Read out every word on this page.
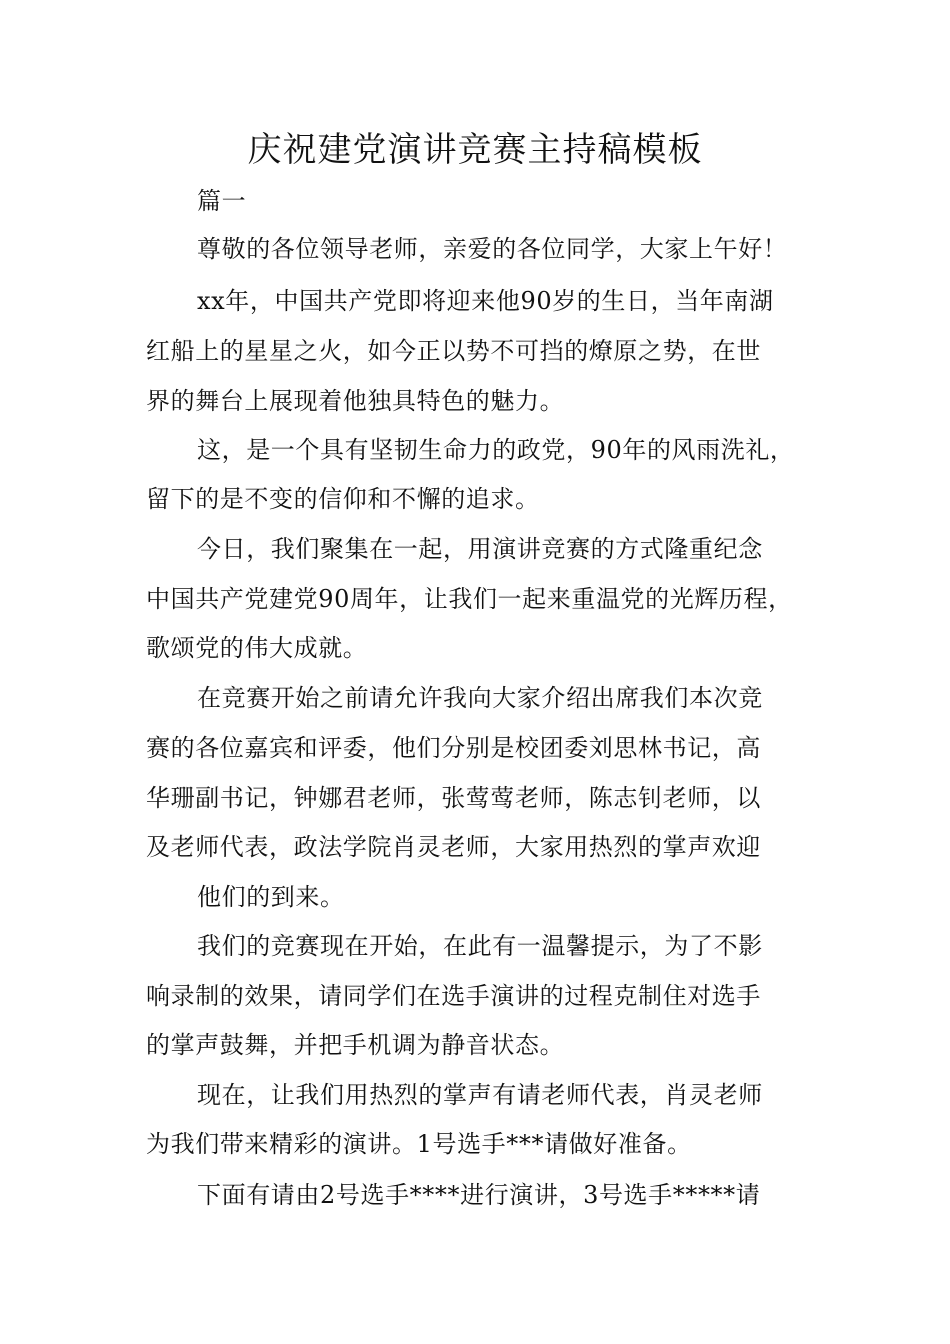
庆祝建党演讲竞赛主持稿模板
篇一
尊敬的各位领导老师，亲爱的各位同学，大家上午好！
xx年，中国共产党即将迎来他90岁的生日，当年南湖
红船上的星星之火，如今正以势不可挡的燎原之势，在世
界的舞台上展现着他独具特色的魅力。
这，是一个具有坚韧生命力的政党，90年的风雨洗礼，
留下的是不变的信仰和不懈的追求。
今日，我们聚集在一起，用演讲竞赛的方式隆重纪念
中国共产党建党90周年，让我们一起来重温党的光辉历程，
歌颂党的伟大成就。
在竞赛开始之前请允许我向大家介绍出席我们本次竞
赛的各位嘉宾和评委，他们分别是校团委刘思林书记，高
华珊副书记，钟娜君老师，张莺莺老师，陈志钊老师，以
及老师代表，政法学院肖灵老师，大家用热烈的掌声欢迎
他们的到来。
我们的竞赛现在开始，在此有一温馨提示，为了不影
响录制的效果，请同学们在选手演讲的过程克制住对选手
的掌声鼓舞，并把手机调为静音状态。
现在，让我们用热烈的掌声有请老师代表，肖灵老师
为我们带来精彩的演讲。1号选手***请做好准备。
下面有请由2号选手****进行演讲，3号选手*****请
